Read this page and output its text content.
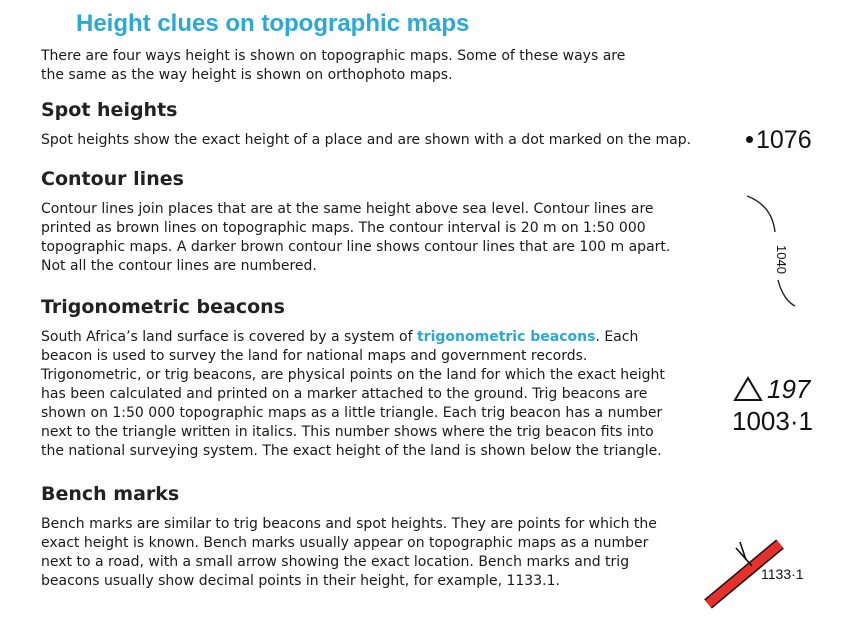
Height clues on topographic maps
There are four ways height is shown on topographic maps. Some of these ways are
the same as the way height is shown on orthophoto maps.
Spot heights
Spot heights show the exact height of a place and are shown with a dot marked on the map.	1076
Contour lines
Contour lines join places that are at the same height above sea level. Contour lines are
printed as brown lines on topographic maps. The contour interval is 20 m on 1:50 000
topographic maps. A darker brown contour line shows contour lines that are 100 m apart.
Not all the contour lines are numbered.	1040
Trigonometric beacons
South Africa’s land surface is covered by a system of trigonometric beacons. Each
beacon is used to survey the land for national maps and government records.
Trigonometric, or trig beacons, are physical points on the land for which the exact height
has been calculated and printed on a marker attached to the ground. Trig beacons are
shown on 1:50 000 topographic maps as a little triangle. Each trig beacon has a number
next to the triangle written in italics. This number shows where the trig beacon fits into
the national surveying system. The exact height of the land is shown below the triangle.
197
1003·1
Bench marks
Bench marks are similar to trig beacons and spot heights. They are points for which the
exact height is known. Bench marks usually appear on topographic maps as a number
next to a road, with a small arrow showing the exact location. Bench marks and trig
beacons usually show decimal points in their height, for example, 1133.1.	1133·1
